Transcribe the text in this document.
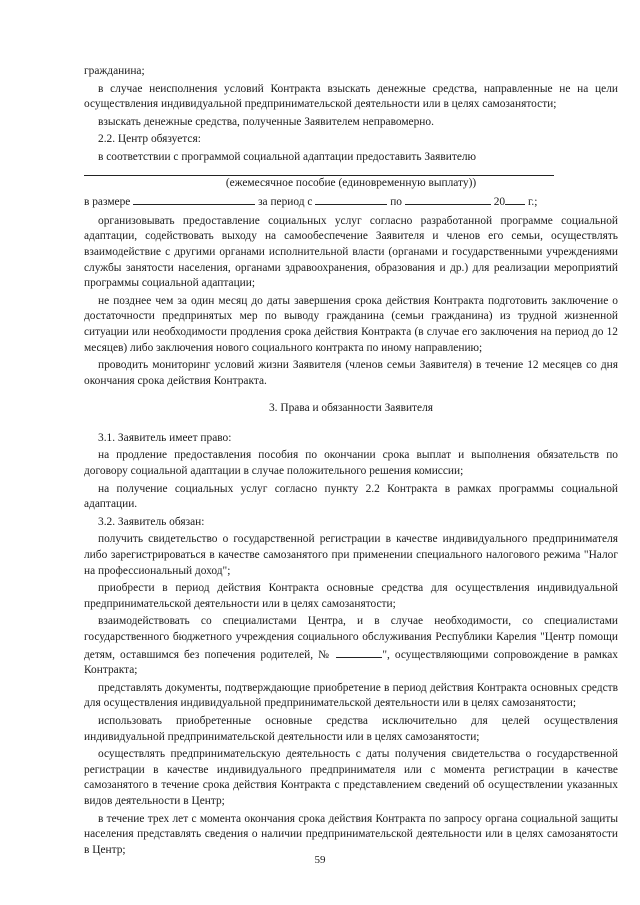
гражданина;

в случае неисполнения условий Контракта взыскать денежные средства, направленные не на цели осуществления индивидуальной предпринимательской деятельности или в целях самозанятости;

взыскать денежные средства, полученные Заявителем неправомерно.

2.2. Центр обязуется:

в соответствии с программой социальной адаптации предоставить Заявителю

(ежемесячное пособие (единовременную выплату))

в размере	за период с	по	20 г.;

организовывать предоставление социальных услуг согласно разработанной программе социальной адаптации, содействовать выходу на самообеспечение Заявителя и членов его семьи, осуществлять взаимодействие с другими органами исполнительной власти (органами и государственными учреждениями службы занятости населения, органами здравоохранения, образования и др.) для реализации мероприятий программы социальной адаптации;

не позднее чем за один месяц до даты завершения срока действия Контракта подготовить заключение о достаточности предпринятых мер по выводу гражданина (семьи гражданина) из трудной жизненной ситуации или необходимости продления срока действия Контракта (в случае его заключения на период до 12 месяцев) либо заключения нового социального контракта по иному направлению;

проводить мониторинг условий жизни Заявителя (членов семьи Заявителя) в течение 12 месяцев со дня окончания срока действия Контракта.

3. Права и обязанности Заявителя

3.1. Заявитель имеет право:

на продление предоставления пособия по окончании срока выплат и выполнения обязательств по договору социальной адаптации в случае положительного решения комиссии;

на получение социальных услуг согласно пункту 2.2 Контракта в рамках программы социальной адаптации.

3.2. Заявитель обязан:

получить свидетельство о государственной регистрации в качестве индивидуального предпринимателя либо зарегистрироваться в качестве самозанятого при применении специального налогового режима "Налог на профессиональный доход";

приобрести в период действия Контракта основные средства для осуществления индивидуальной предпринимательской деятельности или в целях самозанятости;

взаимодействовать со специалистами Центра, и в случае необходимости, со специалистами государственного бюджетного учреждения социального обслуживания Республики Карелия "Центр помощи детям, оставшимся без попечения родителей, №	", осуществляющими сопровождение в рамках Контракта;

представлять документы, подтверждающие приобретение в период действия Контракта основных средств для осуществления индивидуальной предпринимательской деятельности или в целях самозанятости;

использовать приобретенные основные средства исключительно для целей осуществления индивидуальной предпринимательской деятельности или в целях самозанятости;

осуществлять предпринимательскую деятельность с даты получения свидетельства о государственной регистрации в качестве индивидуального предпринимателя или с момента регистрации в качестве самозанятого в течение срока действия Контракта с представлением сведений об осуществлении указанных видов деятельности в Центр;

в течение трех лет с момента окончания срока действия Контракта по запросу органа социальной защиты населения представлять сведения о наличии предпринимательской деятельности или в целях самозанятости в Центр;

59
